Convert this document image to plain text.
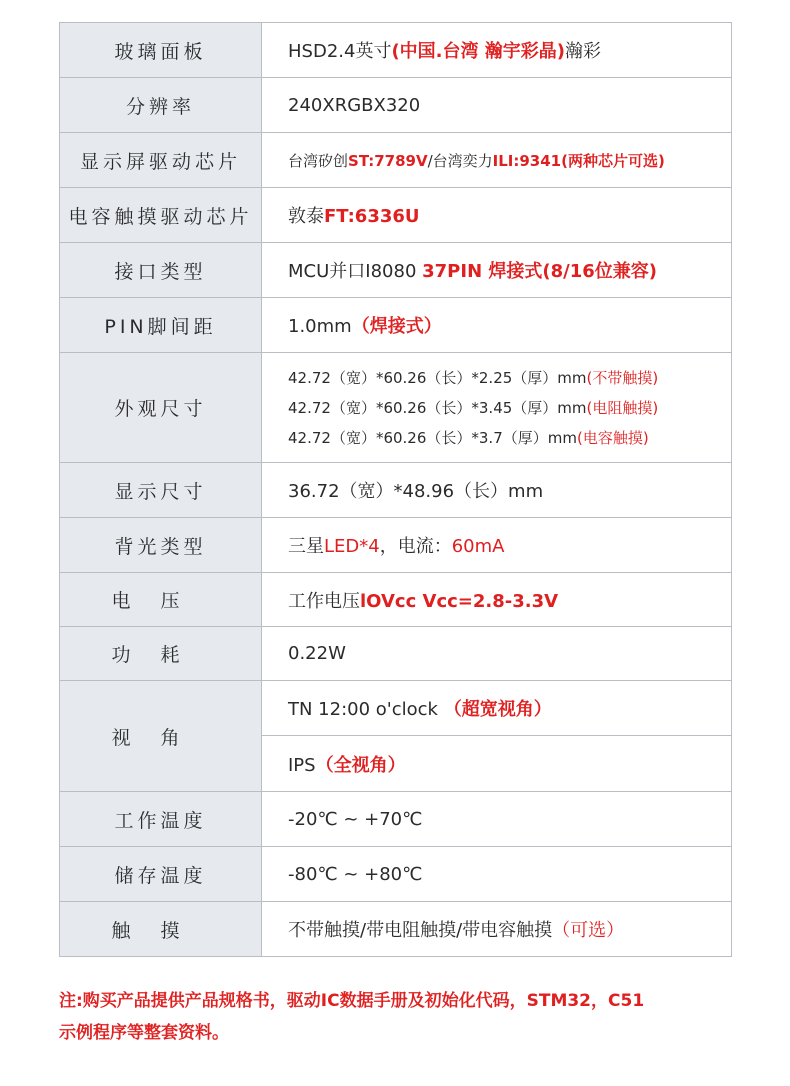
玻璃面板	HSD2.4英寸(中国.台湾 瀚宇彩晶)瀚彩
分辨率	240XRGBX320
显示屏驱动芯片	台湾矽创ST:7789V/台湾奕力ILI:9341(两种芯片可选)
电容触摸驱动芯片	敦泰FT:6336U
接口类型	MCU并口I8080 37PIN 焊接式(8/16位兼容)
PIN脚间距	1.0mm（焊接式）
外观尺寸	42.72（宽）*60.26（长）*2.25（厚）mm(不带触摸)
42.72（宽）*60.26（长）*3.45（厚）mm(电阻触摸)
42.72（宽）*60.26（长）*3.7（厚）mm(电容触摸)

显示尺寸	36.72（宽）*48.96（长）mm
背光类型	三星LED*4，电流：60mA
电压	工作电压lOVcc Vcc=2.8-3.3V
功耗	0.22W
视角	TN 12:00 o'clock （超宽视角）
	IPS（全视角）
工作温度	-20℃ ~ +70℃
储存温度	-80℃ ~ +80℃
触摸	不带触摸/带电阻触摸/带电容触摸（可选）
注:购买产品提供产品规格书，驱动IC数据手册及初始化代码，STM32，C51
示例程序等整套资料。
